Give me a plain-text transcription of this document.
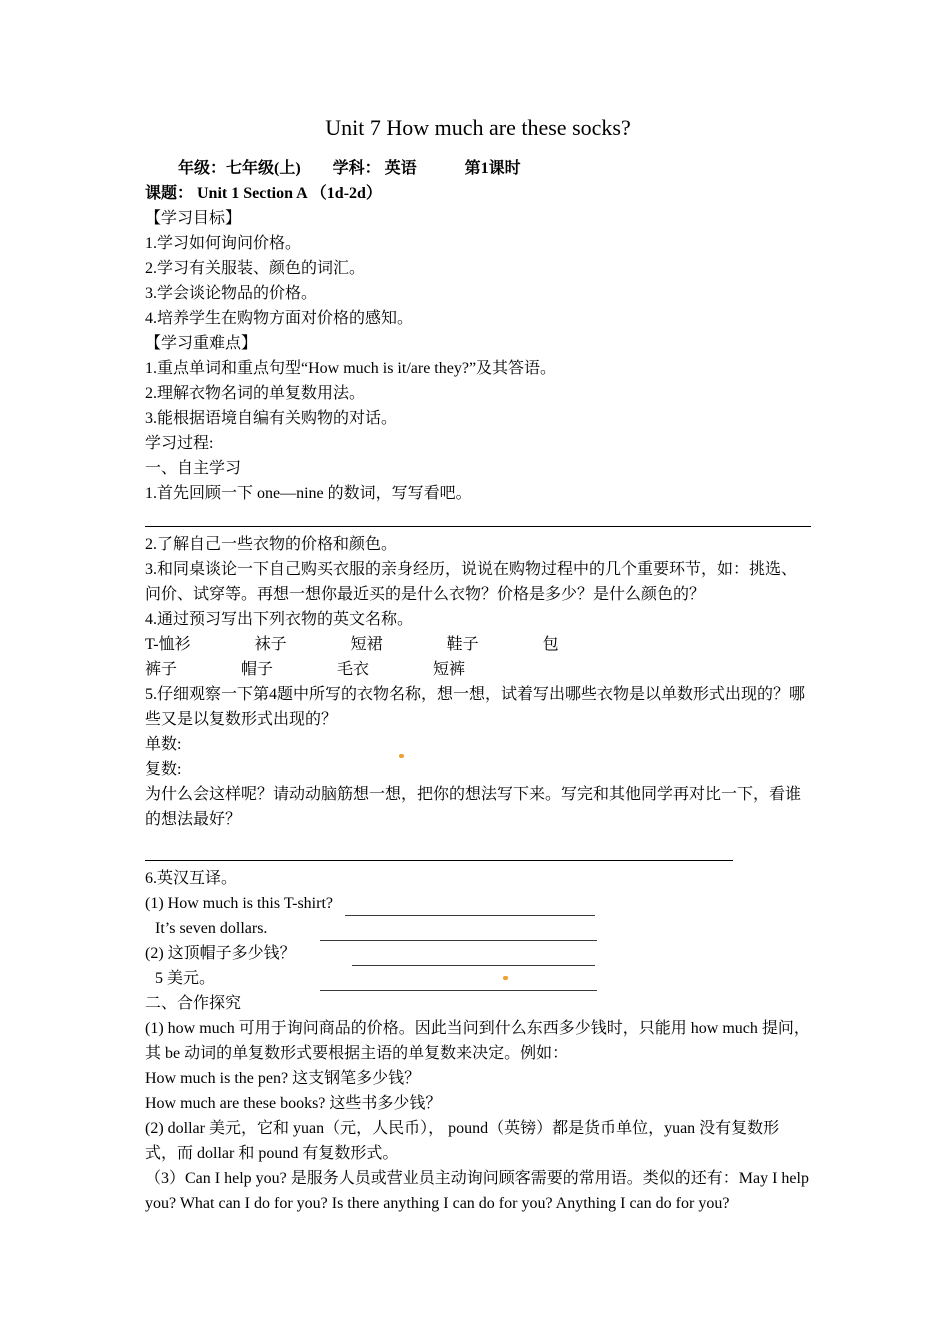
Unit 7 How much are these socks?

年级：七年级(上)　　学科： 英语　　　第1课时

课题： Unit 1 Section A （1d-2d）

【学习目标】

1.学习如何询问价格。

2.学习有关服装、颜色的词汇。

3.学会谈论物品的价格。

4.培养学生在购物方面对价格的感知。

【学习重难点】

1.重点单词和重点句型“How much is it/are they?”及其答语。

2.理解衣物名词的单复数用法。

3.能根据语境自编有关购物的对话。

学习过程:

一、自主学习

1.首先回顾一下 one—nine 的数词，写写看吧。

2.了解自己一些衣物的价格和颜色。

3.和同桌谈论一下自己购买衣服的亲身经历，说说在购物过程中的几个重要环节，如：挑选、问价、试穿等。再想一想你最近买的是什么衣物？价格是多少？是什么颜色的？

4.通过预习写出下列衣物的英文名称。

T-恤衫　　　　袜子　　　　短裙　　　　鞋子　　　　包

裤子　　　　帽子　　　　毛衣　　　　短裤

5.仔细观察一下第4题中所写的衣物名称，想一想，试着写出哪些衣物是以单数形式出现的？哪些又是以复数形式出现的？

单数:

复数:

为什么会这样呢？请动动脑筋想一想，把你的想法写下来。写完和其他同学再对比一下，看谁的想法最好？

6.英汉互译。

(1) How much is this T-shirt?
It’s seven dollars.
(2) 这顶帽子多少钱？
5 美元。

二、合作探究

(1) how much 可用于询问商品的价格。因此当问到什么东西多少钱时，只能用 how much 提问，其 be 动词的单复数形式要根据主语的单复数来决定。例如：

How much is the pen? 这支钢笔多少钱？

How much are these books? 这些书多少钱？

(2) dollar 美元，它和 yuan（元，人民币）， pound（英镑）都是货币单位，yuan 没有复数形式，而 dollar 和 pound 有复数形式。

（3）Can I help you? 是服务人员或营业员主动询问顾客需要的常用语。类似的还有：May I help you? What can I do for you? Is there anything I can do for you? Anything I can do for you?
